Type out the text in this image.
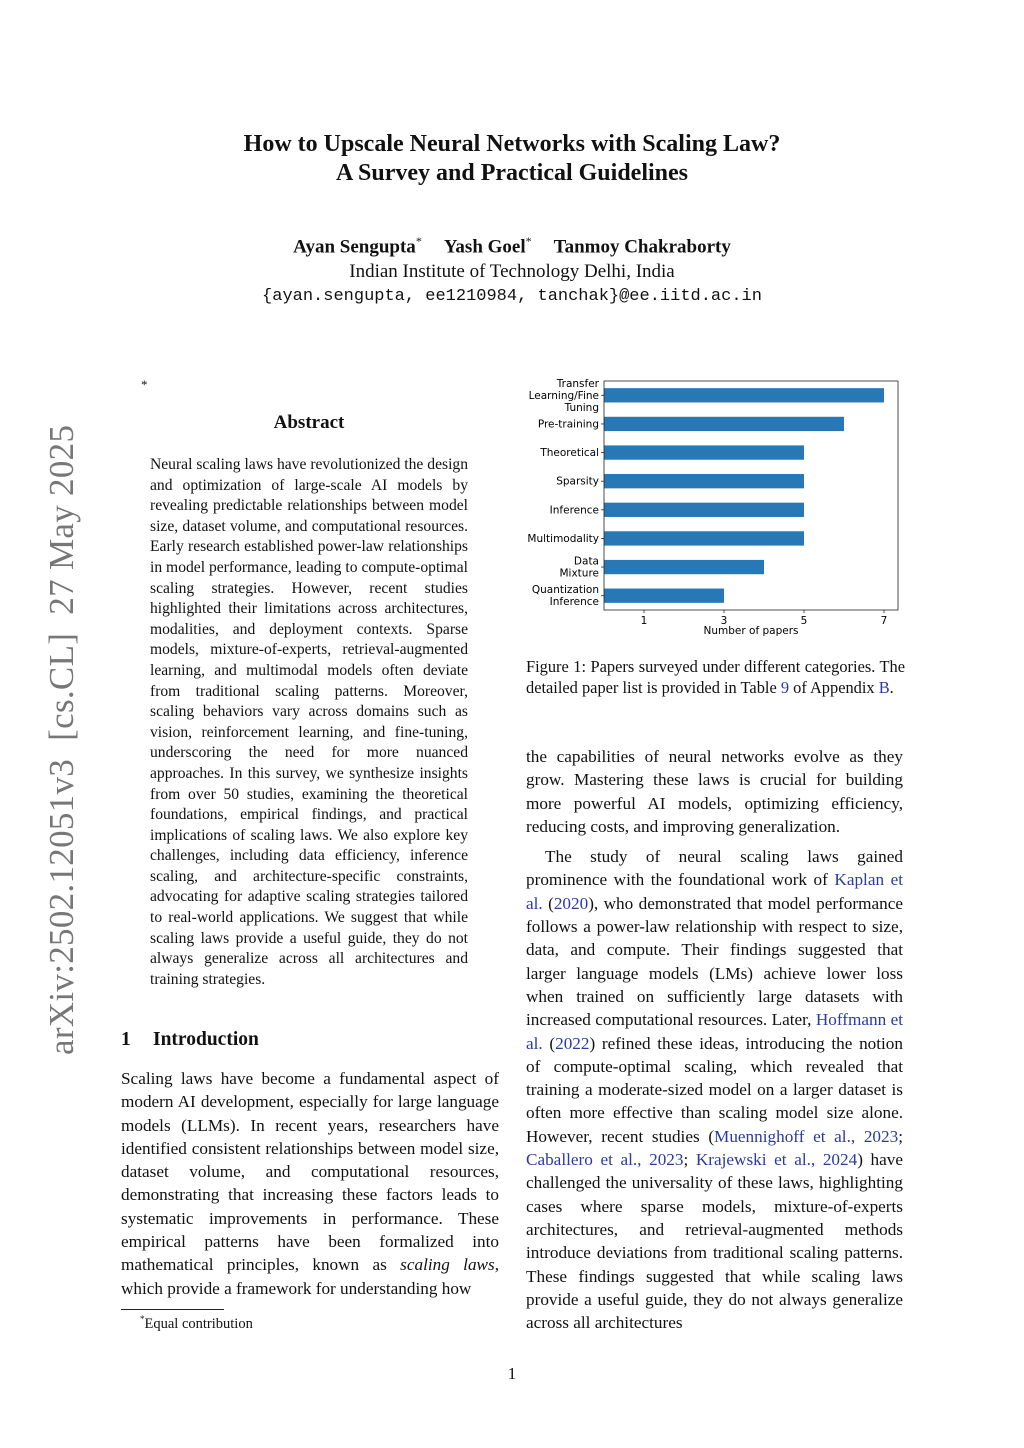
How to Upscale Neural Networks with Scaling Law?
A Survey and Practical Guidelines
Ayan Sengupta* Yash Goel* Tanmoy Chakraborty
Indian Institute of Technology Delhi, India
{ayan.sengupta, ee1210984, tanchak}@ee.iitd.ac.in
arXiv:2502.12051v3  [cs.CL]  27 May 2025
*
Abstract
Neural scaling laws have revolutionized the design and optimization of large-scale AI models by revealing predictable relationships between model size, dataset volume, and computational resources. Early research established power-law relationships in model performance, leading to compute-optimal scaling strategies. However, recent studies highlighted their limitations across architectures, modalities, and deployment contexts. Sparse models, mixture-of-experts, retrieval-augmented learning, and multimodal models often deviate from traditional scaling patterns. Moreover, scaling behaviors vary across domains such as vision, reinforcement learning, and fine-tuning, underscoring the need for more nuanced approaches. In this survey, we synthesize insights from over 50 studies, examining the theoretical foundations, empirical findings, and practical implications of scaling laws. We also explore key challenges, including data efficiency, inference scaling, and architecture-specific constraints, advocating for adaptive scaling strategies tailored to real-world applications. We suggest that while scaling laws provide a useful guide, they do not always generalize across all architectures and training strategies.
1 Introduction
Scaling laws have become a fundamental aspect of modern AI development, especially for large language models (LLMs). In recent years, researchers have identified consistent relationships between model size, dataset volume, and computational resources, demonstrating that increasing these factors leads to systematic improvements in performance. These empirical patterns have been formalized into mathematical principles, known as scaling laws, which provide a framework for understanding how
*Equal contribution
Transfer
Learning/Fine
Tuning
Pre-training
Theoretical
Sparsity
Inference
Multimodality
Data
Mixture
Quantization
Inference
1	3	5	7
Number of papers
Figure 1: Papers surveyed under different categories. The detailed paper list is provided in Table 9 of Appendix B.

the capabilities of neural networks evolve as they grow. Mastering these laws is crucial for building more powerful AI models, optimizing efficiency, reducing costs, and improving generalization.

The study of neural scaling laws gained prominence with the foundational work of Kaplan et al. (2020), who demonstrated that model performance follows a power-law relationship with respect to size, data, and compute. Their findings suggested that larger language models (LMs) achieve lower loss when trained on sufficiently large datasets with increased computational resources. Later, Hoffmann et al. (2022) refined these ideas, introducing the notion of compute-optimal scaling, which revealed that training a moderate-sized model on a larger dataset is often more effective than scaling model size alone. However, recent studies (Muennighoff et al., 2023; Caballero et al., 2023; Krajewski et al., 2024) have challenged the universality of these laws, highlighting cases where sparse models, mixture-of-experts architectures, and retrieval-augmented methods introduce deviations from traditional scaling patterns. These findings suggested that while scaling laws provide a useful guide, they do not always generalize across all architectures

1
